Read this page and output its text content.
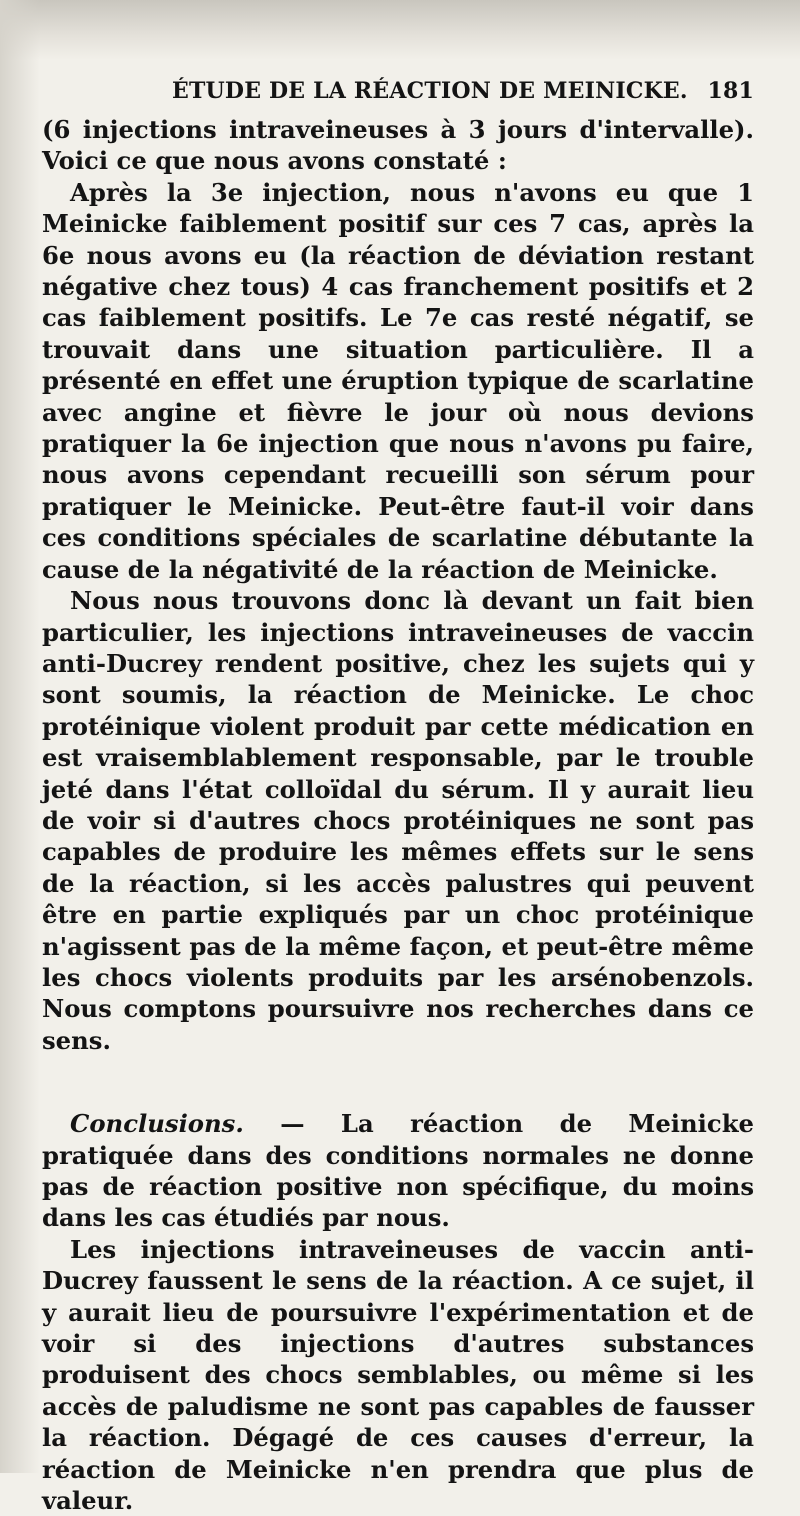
ÉTUDE DE LA RÉACTION DE MEINICKE. 181

(6 injections intraveineuses à 3 jours d'intervalle). Voici ce que nous avons constaté :

Après la 3e injection, nous n'avons eu que 1 Meinicke faiblement positif sur ces 7 cas, après la 6e nous avons eu (la réaction de déviation restant négative chez tous) 4 cas franchement positifs et 2 cas faiblement positifs. Le 7e cas resté négatif, se trouvait dans une situation particulière. Il a présenté en effet une éruption typique de scarlatine avec angine et fièvre le jour où nous devions pratiquer la 6e injection que nous n'avons pu faire, nous avons cependant recueilli son sérum pour pratiquer le Meinicke. Peut-être faut-il voir dans ces conditions spéciales de scarlatine débutante la cause de la négativité de la réaction de Meinicke.

Nous nous trouvons donc là devant un fait bien particulier, les injections intraveineuses de vaccin anti-Ducrey rendent positive, chez les sujets qui y sont soumis, la réaction de Meinicke. Le choc protéinique violent produit par cette médication en est vraisemblablement responsable, par le trouble jeté dans l'état colloïdal du sérum. Il y aurait lieu de voir si d'autres chocs protéiniques ne sont pas capables de produire les mêmes effets sur le sens de la réaction, si les accès palustres qui peuvent être en partie expliqués par un choc protéinique n'agissent pas de la même façon, et peut-être même les chocs violents produits par les arsénobenzols. Nous comptons poursuivre nos recherches dans ce sens.

Conclusions. — La réaction de Meinicke pratiquée dans des conditions normales ne donne pas de réaction positive non spécifique, du moins dans les cas étudiés par nous.

Les injections intraveineuses de vaccin anti-Ducrey faussent le sens de la réaction. A ce sujet, il y aurait lieu de poursuivre l'expérimentation et de voir si des injections d'autres substances produisent des chocs semblables, ou même si les accès de paludisme ne sont pas capables de fausser la réaction. Dégagé de ces causes d'erreur, la réaction de Meinicke n'en prendra que plus de valeur.
